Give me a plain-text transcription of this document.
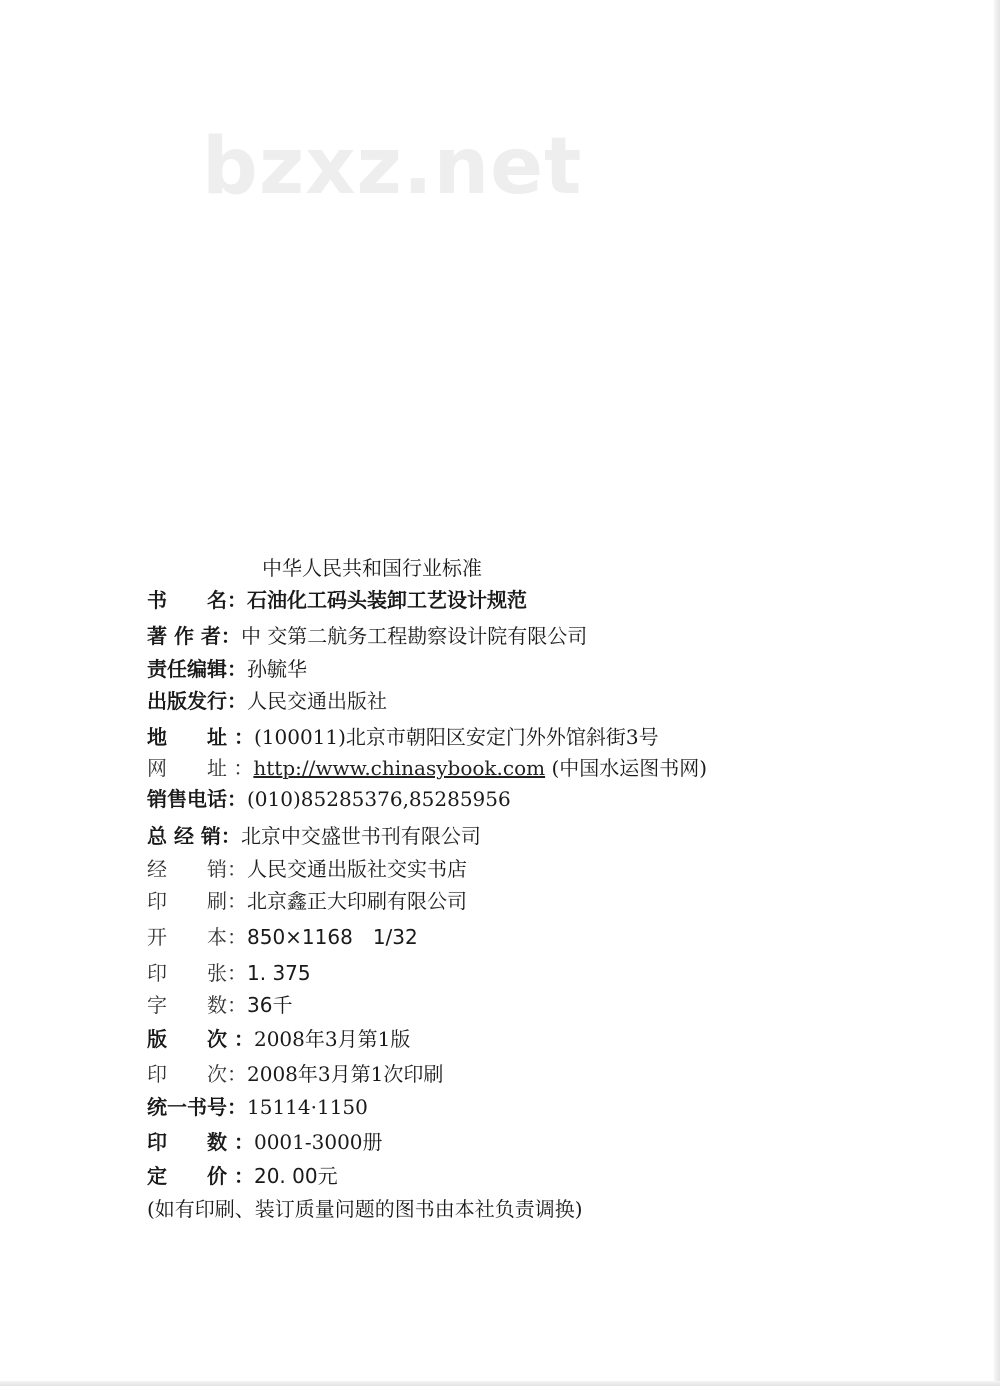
bzxz.net
中华人民共和国行业标准
书　　名：石油化工码头装卸工艺设计规范
著 作 者：中 交第二航务工程勘察设计院有限公司
责任编辑：孙毓华
出版发行：人民交通出版社
地　　址 ：(100011)北京市朝阳区安定门外外馆斜街3号
网　　址 ：http://www.chinasybook.com (中国水运图书网)
销售电话：(010)85285376,85285956
总 经 销：北京中交盛世书刊有限公司
经　　销：人民交通出版社交实书店
印　　刷：北京鑫正大印刷有限公司
开　　本：850×1168　1/32
印　　张：1. 375
字　　数：36千
版　　次 ：2008年3月第1版
印　　次：2008年3月第1次印刷
统一书号：15114·1150
印　　数 ：0001-3000册
定　　价 ：20. 00元
(如有印刷、装订质量问题的图书由本社负责调换)
